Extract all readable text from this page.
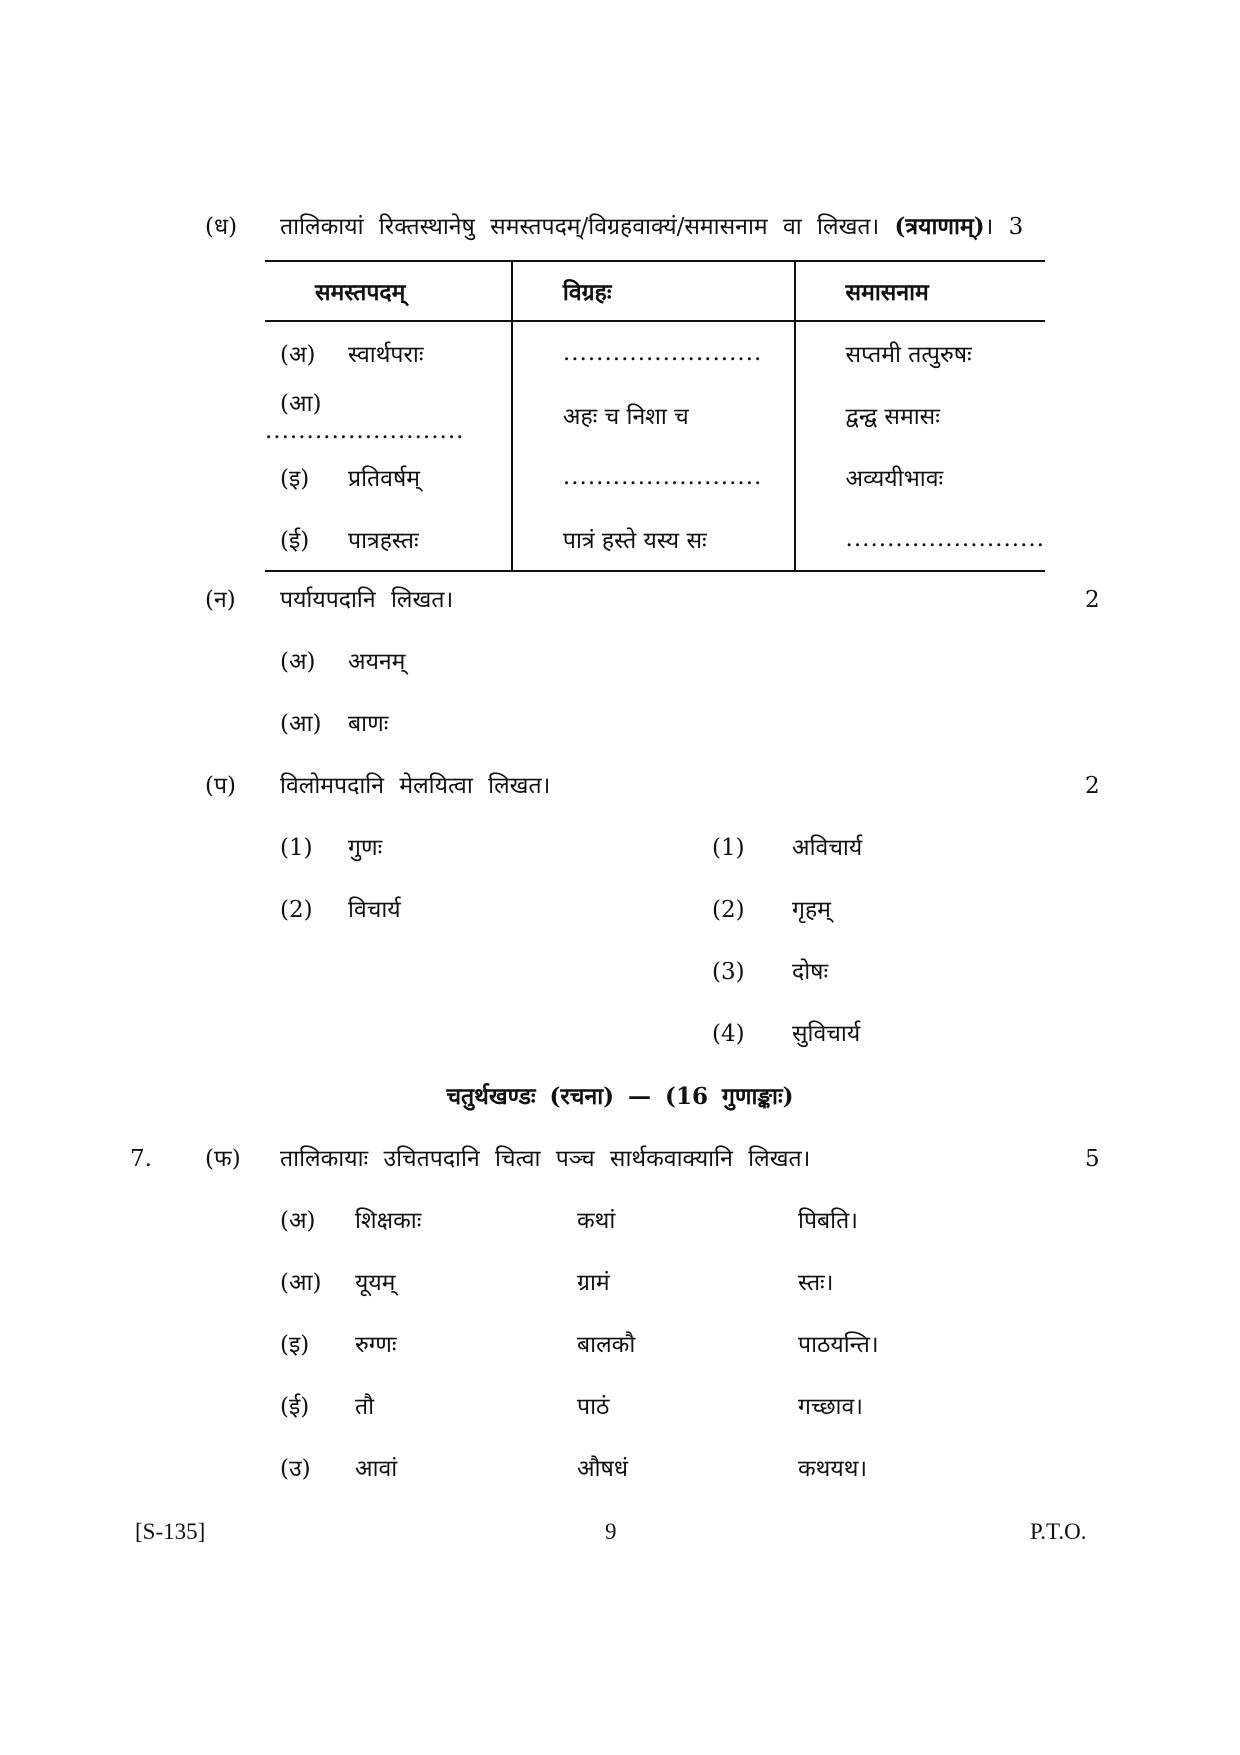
(ध) तालिकायां रिक्तस्थानेषु समस्तपदम्/विग्रहवाक्यं/समासनाम वा लिखत। (त्रयाणाम्)। 3
समस्तपदम्	विग्रहः	समासनाम
(अ) स्वार्थपराः	........................	सप्तमी तत्पुरुषः
(आ)........................	अहः च निशा च	द्वन्द्व समासः
(इ) प्रतिवर्षम्	........................	अव्ययीभावः
(ई) पात्रहस्तः	पात्रं हस्ते यस्य सः	........................
(न) पर्यायपदानि लिखत।	2
(अ) अयनम्
(आ) बाणः
(प) विलोमपदानि मेलयित्वा लिखत।	2
(1) गुणः
(2) विचार्य
(1) अविचार्य
(2) गृहम्
(3) दोषः
(4) सुविचार्य
चतुर्थखण्डः (रचना) — (16 गुणाङ्काः)
7. (फ) तालिकायाः उचितपदानि चित्वा पञ्च सार्थकवाक्यानि लिखत।	5
(अ) शिक्षकाः	कथां	पिबति।
(आ) यूयम्	ग्रामं	स्तः।
(इ) रुग्णः	बालकौ	पाठयन्ति।
(ई) तौ	पाठं	गच्छाव।
(उ) आवां	औषधं	कथयथ।
[S-135]	9	P.T.O.
